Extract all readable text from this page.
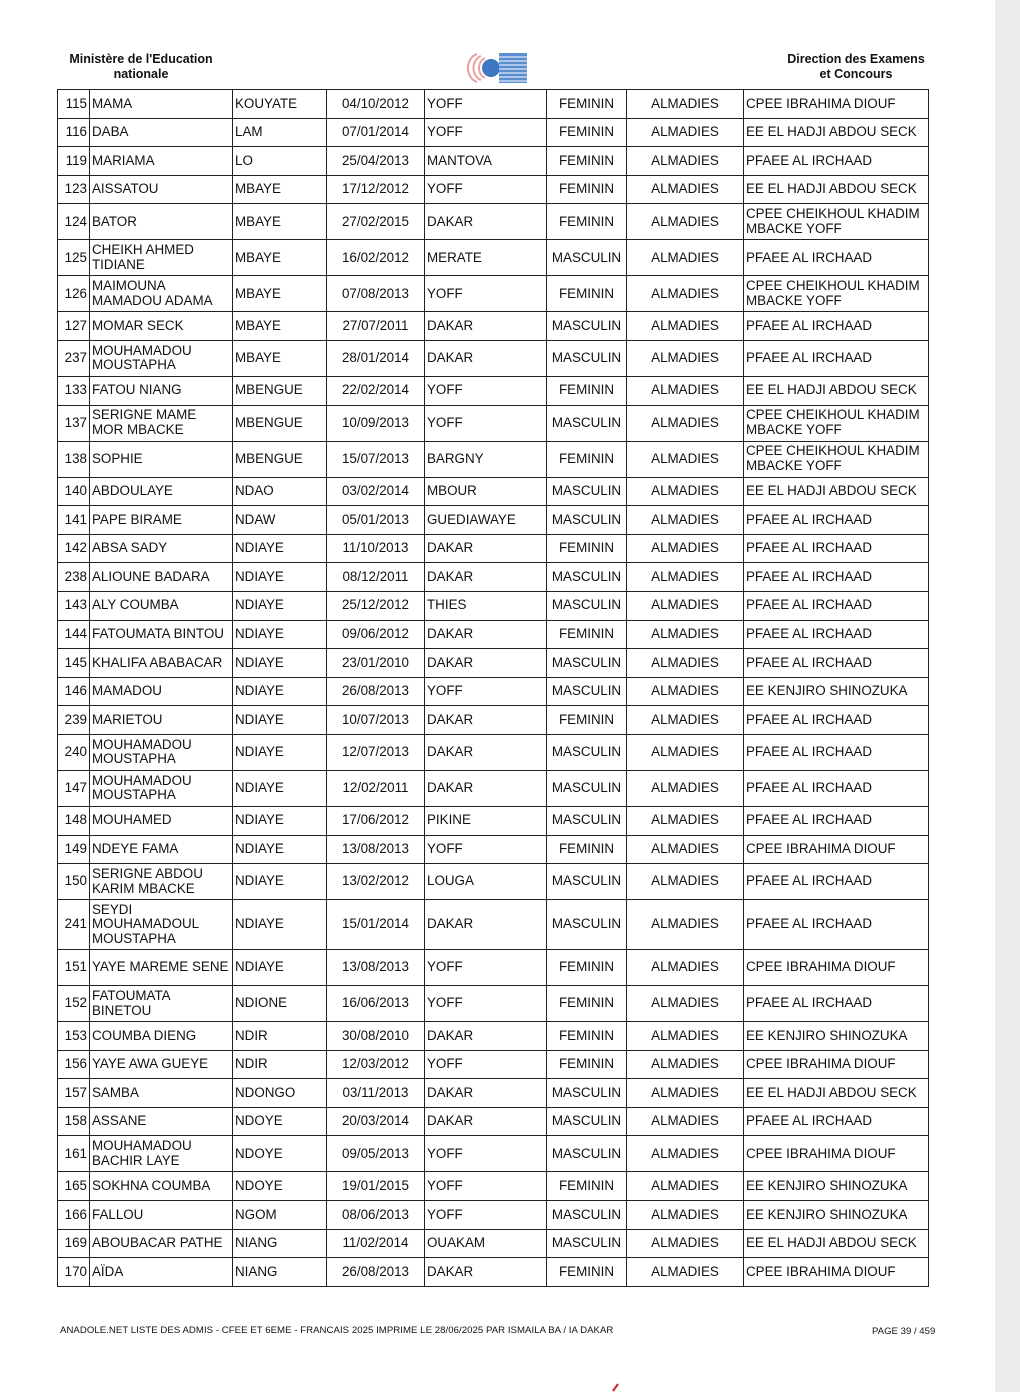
Ministère de l'Education
nationale
Direction des Examens
et Concours
115	MAMA	KOUYATE	04/10/2012	YOFF	FEMININ	ALMADIES	CPEE IBRAHIMA DIOUF
116	DABA	LAM	07/01/2014	YOFF	FEMININ	ALMADIES	EE EL HADJI ABDOU SECK
119	MARIAMA	LO	25/04/2013	MANTOVA	FEMININ	ALMADIES	PFAEE AL IRCHAAD
123	AISSATOU	MBAYE	17/12/2012	YOFF	FEMININ	ALMADIES	EE EL HADJI ABDOU SECK
124	BATOR	MBAYE	27/02/2015	DAKAR	FEMININ	ALMADIES	CPEE CHEIKHOUL KHADIM MBACKE YOFF
125	CHEIKH AHMED TIDIANE	MBAYE	16/02/2012	MERATE	MASCULIN	ALMADIES	PFAEE AL IRCHAAD
126	MAIMOUNA MAMADOU ADAMA	MBAYE	07/08/2013	YOFF	FEMININ	ALMADIES	CPEE CHEIKHOUL KHADIM MBACKE YOFF
127	MOMAR SECK	MBAYE	27/07/2011	DAKAR	MASCULIN	ALMADIES	PFAEE AL IRCHAAD
237	MOUHAMADOU MOUSTAPHA	MBAYE	28/01/2014	DAKAR	MASCULIN	ALMADIES	PFAEE AL IRCHAAD
133	FATOU NIANG	MBENGUE	22/02/2014	YOFF	FEMININ	ALMADIES	EE EL HADJI ABDOU SECK
137	SERIGNE MAME MOR MBACKE	MBENGUE	10/09/2013	YOFF	MASCULIN	ALMADIES	CPEE CHEIKHOUL KHADIM MBACKE YOFF
138	SOPHIE	MBENGUE	15/07/2013	BARGNY	FEMININ	ALMADIES	CPEE CHEIKHOUL KHADIM MBACKE YOFF
140	ABDOULAYE	NDAO	03/02/2014	MBOUR	MASCULIN	ALMADIES	EE EL HADJI ABDOU SECK
141	PAPE BIRAME	NDAW	05/01/2013	GUEDIAWAYE	MASCULIN	ALMADIES	PFAEE AL IRCHAAD
142	ABSA SADY	NDIAYE	11/10/2013	DAKAR	FEMININ	ALMADIES	PFAEE AL IRCHAAD
238	ALIOUNE BADARA	NDIAYE	08/12/2011	DAKAR	MASCULIN	ALMADIES	PFAEE AL IRCHAAD
143	ALY COUMBA	NDIAYE	25/12/2012	THIES	MASCULIN	ALMADIES	PFAEE AL IRCHAAD
144	FATOUMATA BINTOU	NDIAYE	09/06/2012	DAKAR	FEMININ	ALMADIES	PFAEE AL IRCHAAD
145	KHALIFA ABABACAR	NDIAYE	23/01/2010	DAKAR	MASCULIN	ALMADIES	PFAEE AL IRCHAAD
146	MAMADOU	NDIAYE	26/08/2013	YOFF	MASCULIN	ALMADIES	EE KENJIRO SHINOZUKA
239	MARIETOU	NDIAYE	10/07/2013	DAKAR	FEMININ	ALMADIES	PFAEE AL IRCHAAD
240	MOUHAMADOU MOUSTAPHA	NDIAYE	12/07/2013	DAKAR	MASCULIN	ALMADIES	PFAEE AL IRCHAAD
147	MOUHAMADOU MOUSTAPHA	NDIAYE	12/02/2011	DAKAR	MASCULIN	ALMADIES	PFAEE AL IRCHAAD
148	MOUHAMED	NDIAYE	17/06/2012	PIKINE	MASCULIN	ALMADIES	PFAEE AL IRCHAAD
149	NDEYE FAMA	NDIAYE	13/08/2013	YOFF	FEMININ	ALMADIES	CPEE IBRAHIMA DIOUF
150	SERIGNE ABDOU KARIM MBACKE	NDIAYE	13/02/2012	LOUGA	MASCULIN	ALMADIES	PFAEE AL IRCHAAD
241	SEYDI MOUHAMADOUL MOUSTAPHA	NDIAYE	15/01/2014	DAKAR	MASCULIN	ALMADIES	PFAEE AL IRCHAAD
151	YAYE MAREME SENE	NDIAYE	13/08/2013	YOFF	FEMININ	ALMADIES	CPEE IBRAHIMA DIOUF
152	FATOUMATA BINETOU	NDIONE	16/06/2013	YOFF	FEMININ	ALMADIES	PFAEE AL IRCHAAD
153	COUMBA DIENG	NDIR	30/08/2010	DAKAR	FEMININ	ALMADIES	EE KENJIRO SHINOZUKA
156	YAYE AWA GUEYE	NDIR	12/03/2012	YOFF	FEMININ	ALMADIES	CPEE IBRAHIMA DIOUF
157	SAMBA	NDONGO	03/11/2013	DAKAR	MASCULIN	ALMADIES	EE EL HADJI ABDOU SECK
158	ASSANE	NDOYE	20/03/2014	DAKAR	MASCULIN	ALMADIES	PFAEE AL IRCHAAD
161	MOUHAMADOU BACHIR LAYE	NDOYE	09/05/2013	YOFF	MASCULIN	ALMADIES	CPEE IBRAHIMA DIOUF
165	SOKHNA COUMBA	NDOYE	19/01/2015	YOFF	FEMININ	ALMADIES	EE KENJIRO SHINOZUKA
166	FALLOU	NGOM	08/06/2013	YOFF	MASCULIN	ALMADIES	EE KENJIRO SHINOZUKA
169	ABOUBACAR PATHE	NIANG	11/02/2014	OUAKAM	MASCULIN	ALMADIES	EE EL HADJI ABDOU SECK
170	AÏDA	NIANG	26/08/2013	DAKAR	FEMININ	ALMADIES	CPEE IBRAHIMA DIOUF
ANADOLE.NET LISTE DES ADMIS - CFEE ET 6EME - FRANCAIS 2025 IMPRIME LE 28/06/2025 PAR ISMAILA BA / IA DAKAR	PAGE 39 / 459
